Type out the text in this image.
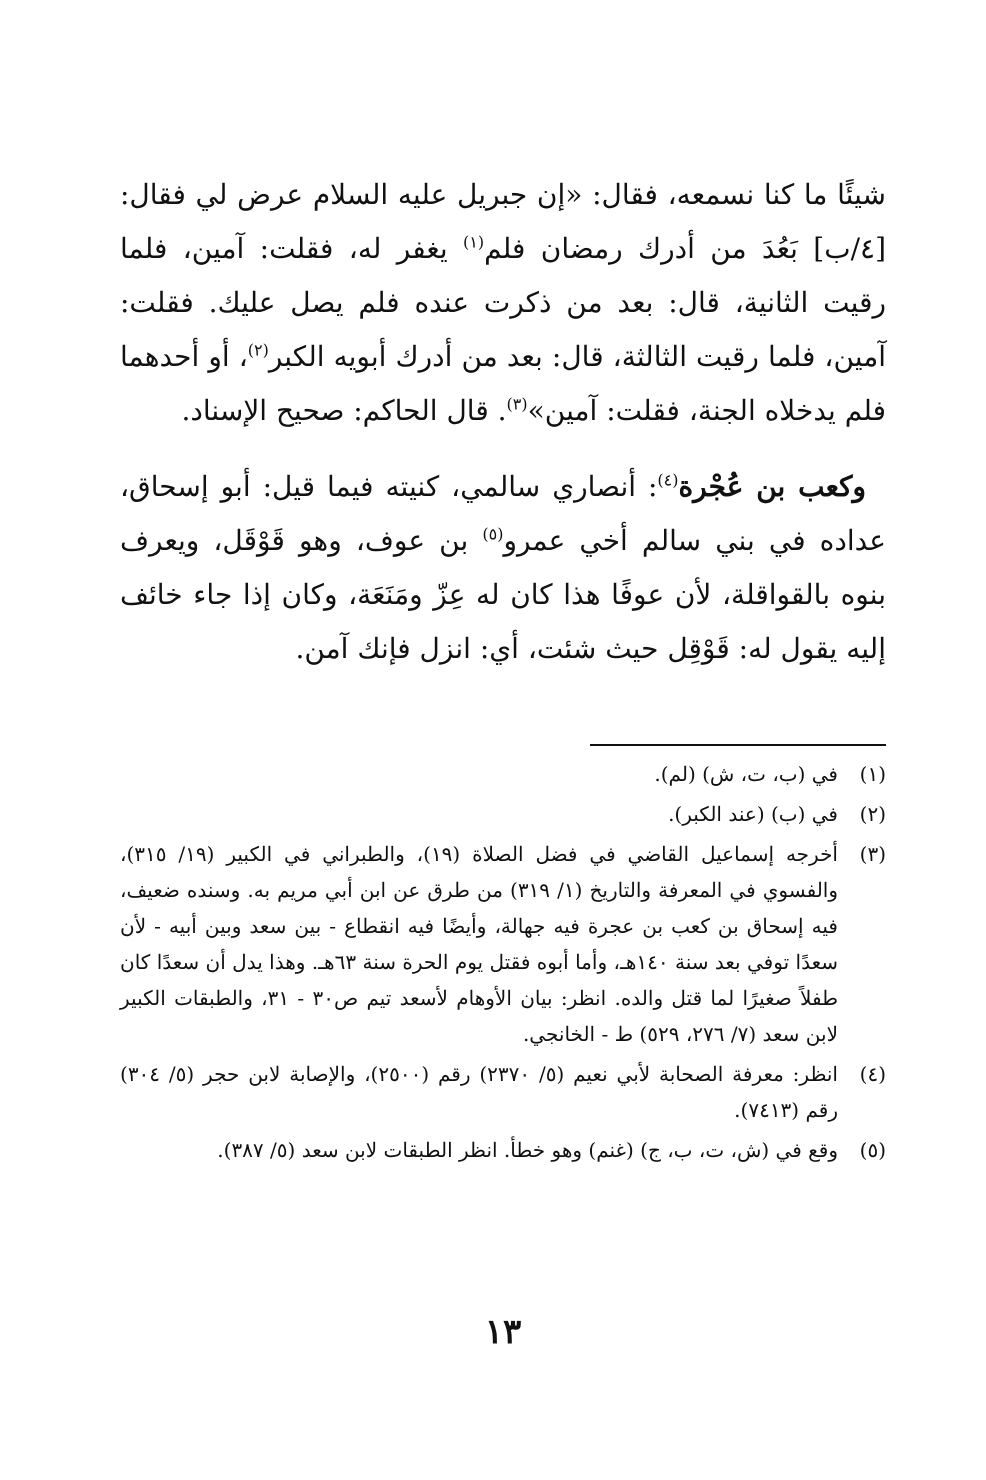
شيئًا ما كنا نسمعه، فقال: «إن جبريل عليه السلام عرض لي فقال: [٤/ب] بَعُدَ من أدرك رمضان فلم$^{(١)}$ يغفر له، فقلت: آمين، فلما رقيت الثانية، قال: بعد من ذكرت عنده فلم يصل عليك. فقلت: آمين، فلما رقيت الثالثة، قال: بعد من أدرك أبويه الكبر$^{(٢)}$، أو أحدهما فلم يدخلاه الجنة، فقلت: آمين»$^{(٣)}$. قال الحاكم: صحيح الإسناد.

وكعب بن عُجْرة$^{(٤)}$: أنصاري سالمي، كنيته فيما قيل: أبو إسحاق، عداده في بني سالم أخي عمرو$^{(٥)}$ بن عوف، وهو قَوْقَل، ويعرف بنوه بالقواقلة، لأن عوفًا هذا كان له عِزّ ومَنَعَة، وكان إذا جاء خائف إليه يقول له: قَوْقِل حيث شئت، أي: انزل فإنك آمن.

(١)
في (ب، ت، ش) (لم).
(٢)
في (ب) (عند الكبر).
(٣)
أخرجه إسماعيل القاضي في فضل الصلاة (١٩)، والطبراني في الكبير (١٩/ ٣١٥)، والفسوي في المعرفة والتاريخ (١/ ٣١٩) من طرق عن ابن أبي مريم به. وسنده ضعيف، فيه إسحاق بن كعب بن عجرة فيه جهالة، وأيضًا فيه انقطاع - بين سعد وبين أبيه - لأن سعدًا توفي بعد سنة ١٤٠هـ، وأما أبوه فقتل يوم الحرة سنة ٦٣هـ. وهذا يدل أن سعدًا كان طفلاً صغيرًا لما قتل والده. انظر: بيان الأوهام لأسعد تيم ص٣٠ - ٣١، والطبقات الكبير لابن سعد (٧/ ٢٧٦، ٥٢٩) ط - الخانجي.
(٤)
انظر: معرفة الصحابة لأبي نعيم (٥/ ٢٣٧٠) رقم (٢٥٠٠)، والإصابة لابن حجر (٥/ ٣٠٤) رقم (٧٤١٣).
(٥)
وقع في (ش، ت، ب، ج) (غنم) وهو خطأ. انظر الطبقات لابن سعد (٥/ ٣٨٧).
١٣
